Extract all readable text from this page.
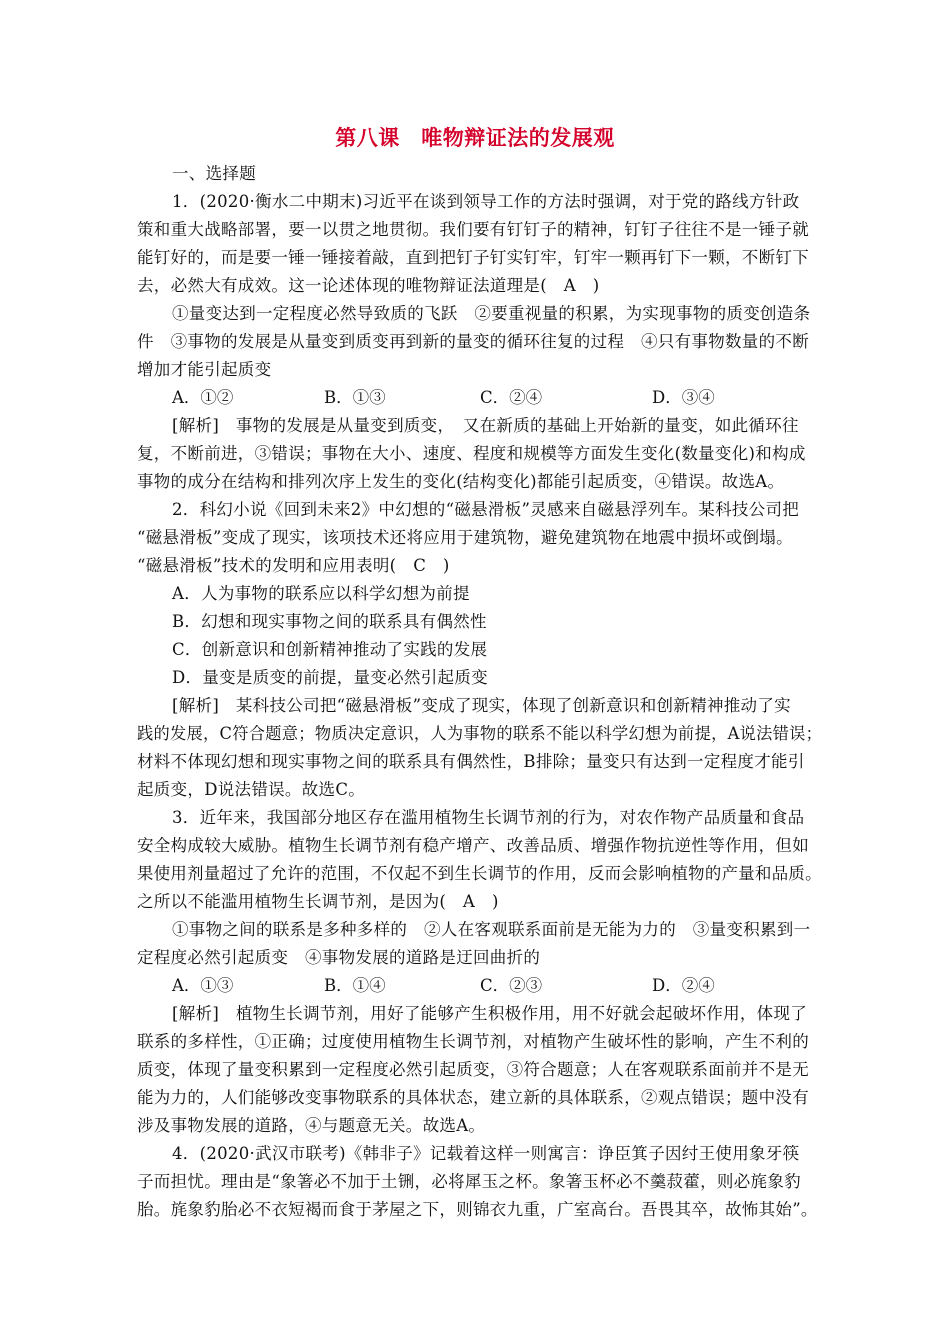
第八课　唯物辩证法的发展观
一、选择题
1．(2020·衡水二中期末)习近平在谈到领导工作的方法时强调，对于党的路线方针政
策和重大战略部署，要一以贯之地贯彻。我们要有钉钉子的精神，钉钉子往往不是一锤子就
能钉好的，而是要一锤一锤接着敲，直到把钉子钉实钉牢，钉牢一颗再钉下一颗，不断钉下
去，必然大有成效。这一论述体现的唯物辩证法道理是(　A　)
①量变达到一定程度必然导致质的飞跃　②要重视量的积累，为实现事物的质变创造条
件　③事物的发展是从量变到质变再到新的量变的循环往复的过程　④只有事物数量的不断
增加才能引起质变
A．①②	B．①③	C．②④	D．③④
[解析]　事物的发展是从量变到质变，　又在新质的基础上开始新的量变，如此循环往
复，不断前进，③错误；事物在大小、速度、程度和规模等方面发生变化(数量变化)和构成
事物的成分在结构和排列次序上发生的变化(结构变化)都能引起质变，④错误。故选A。
2．科幻小说《回到未来2》中幻想的“磁悬滑板”灵感来自磁悬浮列车。某科技公司把
“磁悬滑板”变成了现实，该项技术还将应用于建筑物，避免建筑物在地震中损坏或倒塌。
“磁悬滑板”技术的发明和应用表明(　C　)
A．人为事物的联系应以科学幻想为前提
B．幻想和现实事物之间的联系具有偶然性
C．创新意识和创新精神推动了实践的发展
D．量变是质变的前提，量变必然引起质变
[解析]　某科技公司把“磁悬滑板”变成了现实，体现了创新意识和创新精神推动了实
践的发展，C符合题意；物质决定意识，人为事物的联系不能以科学幻想为前提，A说法错误；
材料不体现幻想和现实事物之间的联系具有偶然性，B排除；量变只有达到一定程度才能引
起质变，D说法错误。故选C。
3．近年来，我国部分地区存在滥用植物生长调节剂的行为，对农作物产品质量和食品
安全构成较大威胁。植物生长调节剂有稳产增产、改善品质、增强作物抗逆性等作用，但如
果使用剂量超过了允许的范围，不仅起不到生长调节的作用，反而会影响植物的产量和品质。
之所以不能滥用植物生长调节剂，是因为(　A　)
①事物之间的联系是多种多样的　②人在客观联系面前是无能为力的　③量变积累到一
定程度必然引起质变　④事物发展的道路是迂回曲折的
A．①③	B．①④	C．②③	D．②④
[解析]　植物生长调节剂，用好了能够产生积极作用，用不好就会起破坏作用，体现了
联系的多样性，①正确；过度使用植物生长调节剂，对植物产生破坏性的影响，产生不利的
质变，体现了量变积累到一定程度必然引起质变，③符合题意；人在客观联系面前并不是无
能为力的，人们能够改变事物联系的具体状态，建立新的具体联系，②观点错误；题中没有
涉及事物发展的道路，④与题意无关。故选A。
4．(2020·武汉市联考)《韩非子》记载着这样一则寓言：诤臣箕子因纣王使用象牙筷
子而担忧。理由是“象箸必不加于土铏，必将犀玉之杯。象箸玉杯必不羹菽藿，则必旄象豹
胎。旄象豹胎必不衣短褐而食于茅屋之下，则锦衣九重，广室高台。吾畏其卒，故怖其始”。
